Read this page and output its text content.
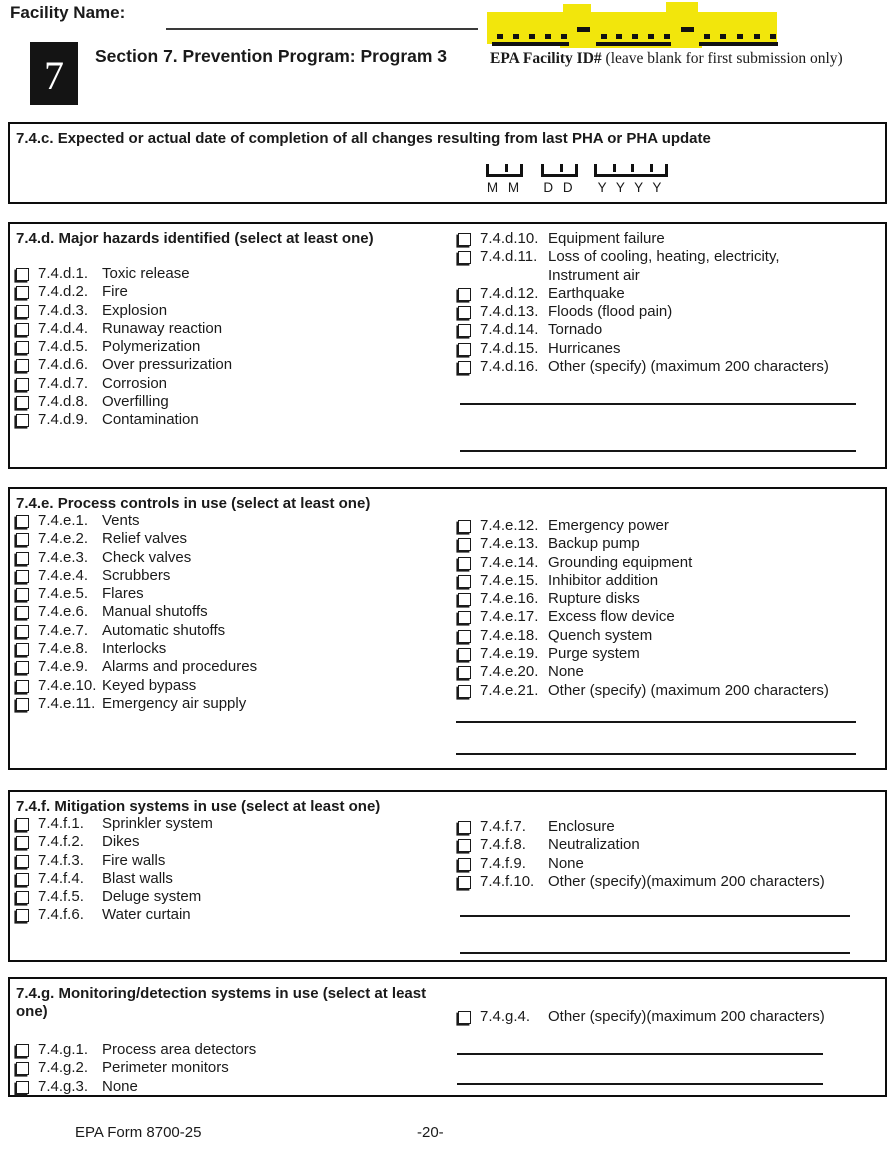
Facility Name:
7	Section 7. Prevention Program: Program 3	EPA Facility ID# (leave blank for first submission only)
7.4.c. Expected or actual date of completion of all changes resulting from last PHA or PHA update
M M D D Y Y Y Y
7.4.d. Major hazards identified (select at least one)
7.4.d.1. Toxic release
7.4.d.2. Fire
7.4.d.3. Explosion
7.4.d.4. Runaway reaction
7.4.d.5. Polymerization
7.4.d.6. Over pressurization
7.4.d.7. Corrosion
7.4.d.8. Overfilling
7.4.d.9. Contamination
7.4.d.10. Equipment failure
7.4.d.11. Loss of cooling, heating, electricity,
Instrument air
7.4.d.12. Earthquake
7.4.d.13. Floods (flood pain)
7.4.d.14. Tornado
7.4.d.15. Hurricanes
7.4.d.16. Other (specify) (maximum 200 characters)
7.4.e. Process controls in use (select at least one)
7.4.e.1. Vents
7.4.e.2. Relief valves
7.4.e.3. Check valves
7.4.e.4. Scrubbers
7.4.e.5. Flares
7.4.e.6. Manual shutoffs
7.4.e.7. Automatic shutoffs
7.4.e.8. Interlocks
7.4.e.9. Alarms and procedures
7.4.e.10. Keyed bypass
7.4.e.11. Emergency air supply
7.4.e.12. Emergency power
7.4.e.13. Backup pump
7.4.e.14. Grounding equipment
7.4.e.15. Inhibitor addition
7.4.e.16. Rupture disks
7.4.e.17. Excess flow device
7.4.e.18. Quench system
7.4.e.19. Purge system
7.4.e.20. None
7.4.e.21. Other (specify) (maximum 200 characters)
7.4.f. Mitigation systems in use (select at least one)
7.4.f.1.	Sprinkler system
7.4.f.2.	Dikes
7.4.f.3.	Fire walls
7.4.f.4.	Blast walls
7.4.f.5.	Deluge system
7.4.f.6.	Water curtain
7.4.f.7.	Enclosure
7.4.f.8.	Neutralization
7.4.f.9.	None
7.4.f.10. Other (specify)(maximum 200 characters)
7.4.g. Monitoring/detection systems in use (select at least
one)
7.4.g.1. Process area detectors
7.4.g.2. Perimeter monitors
7.4.g.3. None
7.4.g.4.	Other (specify)(maximum 200 characters)
EPA Form 8700-25	-20-
